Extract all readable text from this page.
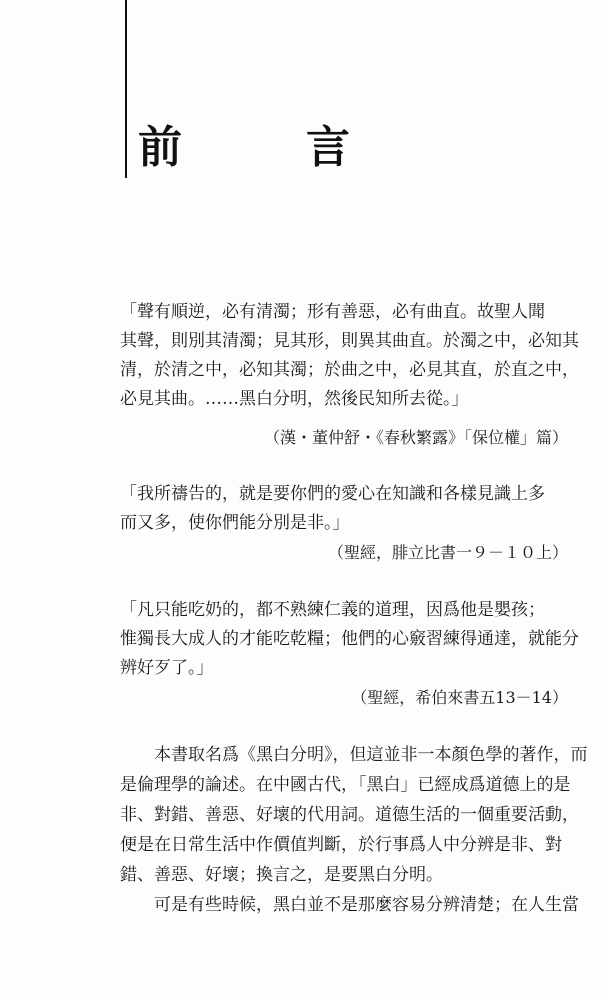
前　言
「聲有順逆，必有清濁；形有善惡，必有曲直。故聖人聞
其聲，則別其清濁；見其形，則異其曲直。於濁之中，必知其
清，於清之中，必知其濁；於曲之中，必見其直，於直之中，
必見其曲。……黑白分明，然後民知所去從。」
（漢・董仲舒・《春秋繁露》「保位權」篇）
「我所禱告的，就是要你們的愛心在知識和各樣見識上多
而又多，使你們能分別是非。」
（聖經，腓立比書一９－１０上）
「凡只能吃奶的，都不熟練仁義的道理，因爲他是嬰孩；
惟獨長大成人的才能吃乾糧；他們的心竅習練得通達，就能分
辨好歹了。」
（聖經，希伯來書五13－14）
本書取名爲《黑白分明》，但這並非一本顏色學的著作，而
是倫理學的論述。在中國古代，「黑白」已經成爲道德上的是
非、對錯、善惡、好壞的代用詞。道德生活的一個重要活動，
便是在日常生活中作價值判斷，於行事爲人中分辨是非、對
錯、善惡、好壞；換言之，是要黑白分明。
可是有些時候，黑白並不是那麼容易分辨清楚；在人生當
